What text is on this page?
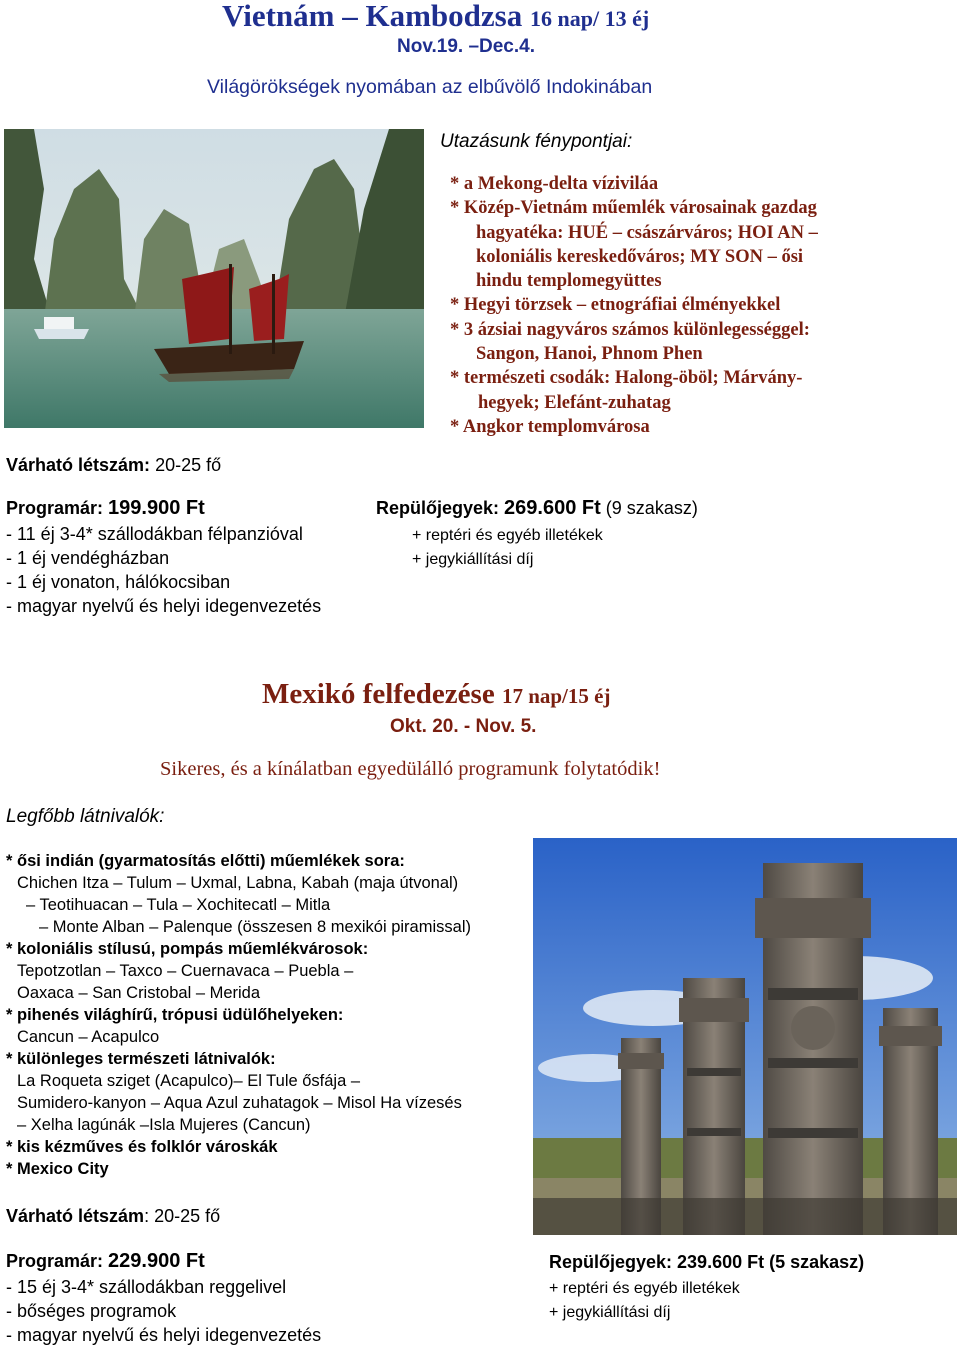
Vietnám – Kambodzsa 16 nap/ 13 éj
Nov.19. –Dec.4.
Világörökségek nyomában az elbűvölő Indokinában
Utazásunk fénypontjai:
* a Mekong-delta víziviláa
* Közép-Vietnám műemlék városainak gazdag
hagyatéka: HUÉ – császárváros; HOI AN –
koloniális kereskedőváros; MY SON – ősi
hindu templomegyüttes
* Hegyi törzsek – etnográfiai élményekkel
* 3 ázsiai nagyváros számos különlegességgel:
Sangon, Hanoi, Phnom Phen
* természeti csodák: Halong-öböl; Márvány-
hegyek; Elefánt-zuhatag
* Angkor templomvárosa
Várható létszám: 20-25 fő
Programár: 199.900 Ft
- 11 éj 3-4* szállodákban félpanzióval
- 1 éj vendégházban
- 1 éj vonaton, hálókocsiban
- magyar nyelvű és helyi idegenvezetés
Repülőjegyek: 269.600 Ft (9 szakasz)
+ reptéri és egyéb illetékek
+ jegykiállítási díj
Mexikó felfedezése 17 nap/15 éj
Okt. 20. - Nov. 5.
Sikeres, és a kínálatban egyedülálló programunk folytatódik!
Legfőbb látnivalók:
* ősi indián (gyarmatosítás előtti) műemlékek sora:
Chichen Itza – Tulum – Uxmal, Labna, Kabah (maja útvonal)
– Teotihuacan – Tula – Xochitecatl – Mitla
– Monte Alban – Palenque (összesen 8 mexikói piramissal)
* koloniális stílusú, pompás műemlékvárosok:
Tepotzotlan – Taxco – Cuernavaca – Puebla –
Oaxaca – San Cristobal – Merida
* pihenés világhírű, trópusi üdülőhelyeken:
Cancun – Acapulco
* különleges természeti látnivalók:
La Roqueta sziget (Acapulco)– El Tule ősfája –
Sumidero-kanyon – Aqua Azul zuhatagok – Misol Ha vízesés
– Xelha lagúnák –Isla Mujeres (Cancun)
* kis kézműves és folklór városkák
* Mexico City
Várható létszám: 20-25 fő
Programár: 229.900 Ft
- 15 éj 3-4* szállodákban reggelivel
- bőséges programok
- magyar nyelvű és helyi idegenvezetés
Repülőjegyek: 239.600 Ft (5 szakasz)
+ reptéri és egyéb illetékek
+ jegykiállítási díj
